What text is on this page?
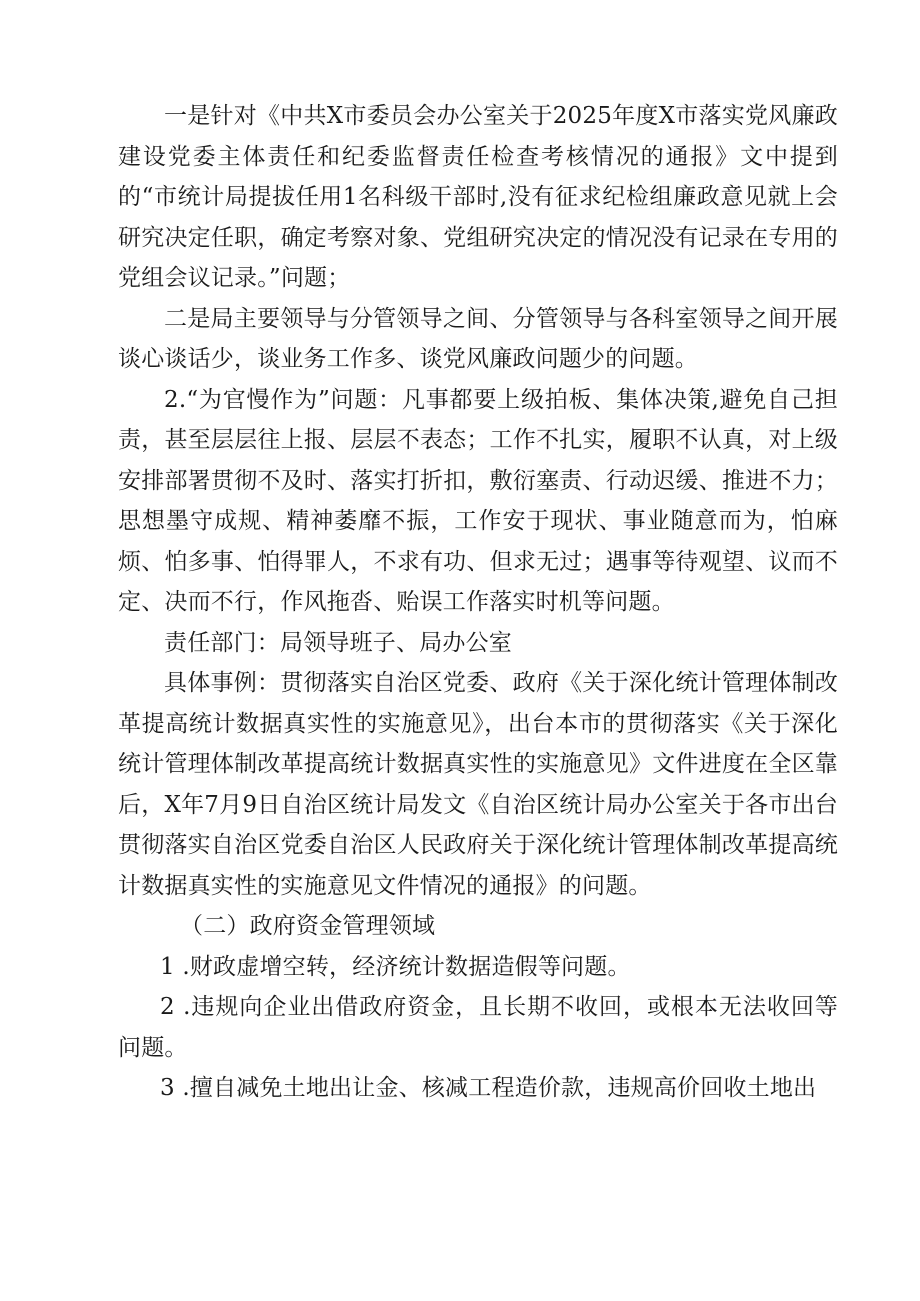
一是针对《中共X市委员会办公室关于2025年度X市落实党风廉政建设党委主体责任和纪委监督责任检查考核情况的通报》文中提到的“市统计局提拔任用1名科级干部时,没有征求纪检组廉政意见就上会研究决定任职，确定考察对象、党组研究决定的情况没有记录在专用的党组会议记录。”问题；

二是局主要领导与分管领导之间、分管领导与各科室领导之间开展谈心谈话少，谈业务工作多、谈党风廉政问题少的问题。

2.“为官慢作为”问题：凡事都要上级拍板、集体决策,避免自己担责，甚至层层往上报、层层不表态；工作不扎实，履职不认真，对上级安排部署贯彻不及时、落实打折扣，敷衍塞责、行动迟缓、推进不力；思想墨守成规、精神萎靡不振，工作安于现状、事业随意而为，怕麻烦、怕多事、怕得罪人，不求有功、但求无过；遇事等待观望、议而不定、决而不行，作风拖沓、贻误工作落实时机等问题。

责任部门：局领导班子、局办公室

具体事例：贯彻落实自治区党委、政府《关于深化统计管理体制改革提高统计数据真实性的实施意见》，出台本市的贯彻落实《关于深化统计管理体制改革提高统计数据真实性的实施意见》文件进度在全区靠后，X年7月9日自治区统计局发文《自治区统计局办公室关于各市出台贯彻落实自治区党委自治区人民政府关于深化统计管理体制改革提高统计数据真实性的实施意见文件情况的通报》的问题。

（二）政府资金管理领域

1 .财政虚增空转，经济统计数据造假等问题。

2 .违规向企业出借政府资金，且长期不收回，或根本无法收回等问题。

3 .擅自减免土地出让金、核减工程造价款，违规高价回收土地出
